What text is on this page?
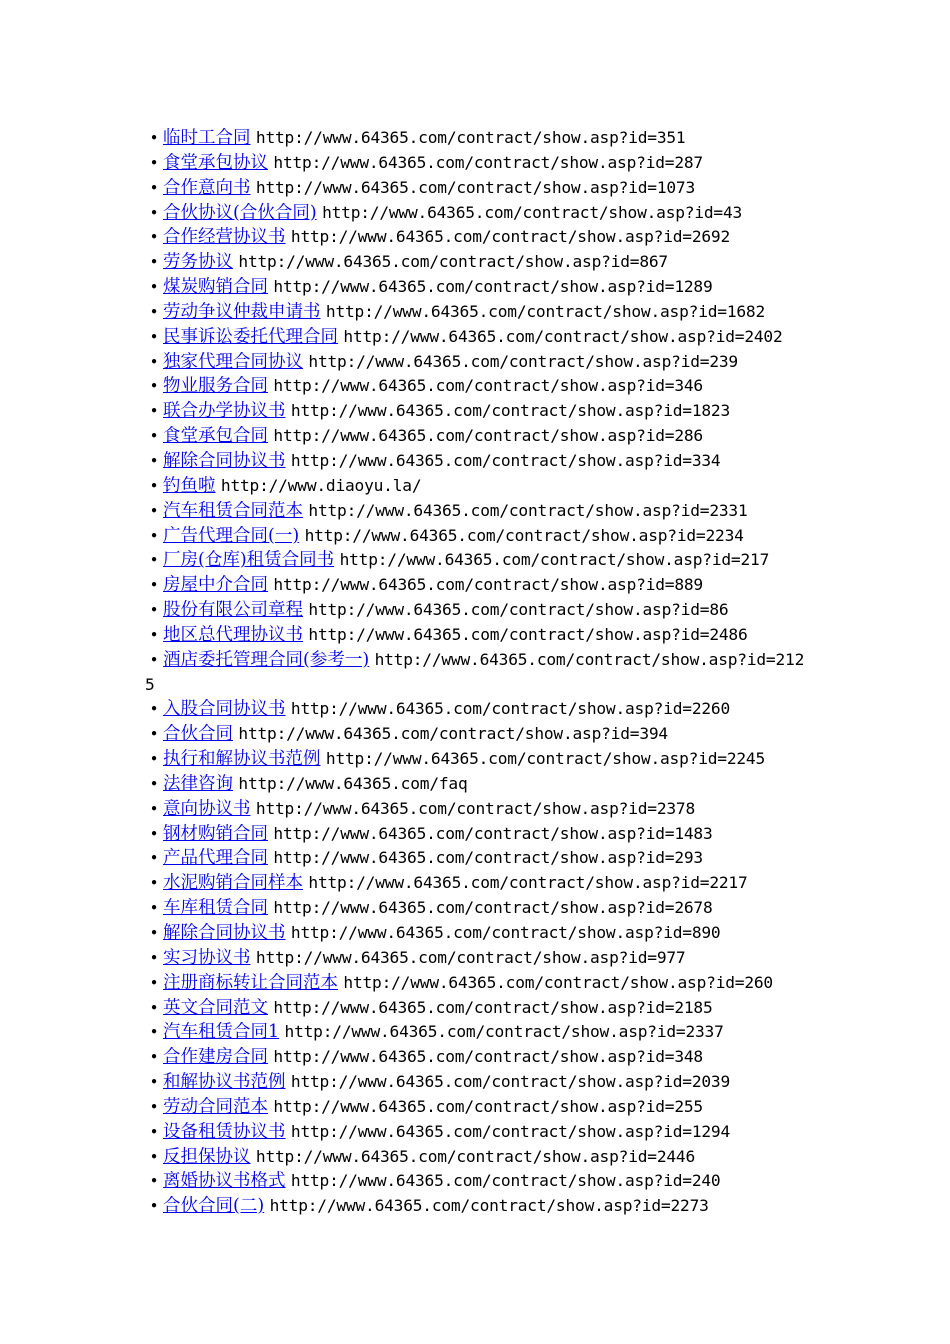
• 临时工合同 http://www.64365.com/contract/show.asp?id=351
• 食堂承包协议 http://www.64365.com/contract/show.asp?id=287
• 合作意向书 http://www.64365.com/contract/show.asp?id=1073
• 合伙协议(合伙合同) http://www.64365.com/contract/show.asp?id=43
• 合作经营协议书 http://www.64365.com/contract/show.asp?id=2692
• 劳务协议 http://www.64365.com/contract/show.asp?id=867
• 煤炭购销合同 http://www.64365.com/contract/show.asp?id=1289
• 劳动争议仲裁申请书 http://www.64365.com/contract/show.asp?id=1682
• 民事诉讼委托代理合同 http://www.64365.com/contract/show.asp?id=2402
• 独家代理合同协议 http://www.64365.com/contract/show.asp?id=239
• 物业服务合同 http://www.64365.com/contract/show.asp?id=346
• 联合办学协议书 http://www.64365.com/contract/show.asp?id=1823
• 食堂承包合同 http://www.64365.com/contract/show.asp?id=286
• 解除合同协议书 http://www.64365.com/contract/show.asp?id=334
• 钓鱼啦 http://www.diaoyu.la/
• 汽车租赁合同范本 http://www.64365.com/contract/show.asp?id=2331
• 广告代理合同(一) http://www.64365.com/contract/show.asp?id=2234
• 厂房(仓库)租赁合同书 http://www.64365.com/contract/show.asp?id=217
• 房屋中介合同 http://www.64365.com/contract/show.asp?id=889
• 股份有限公司章程 http://www.64365.com/contract/show.asp?id=86
• 地区总代理协议书 http://www.64365.com/contract/show.asp?id=2486
• 酒店委托管理合同(参考一) http://www.64365.com/contract/show.asp?id=2125
• 入股合同协议书 http://www.64365.com/contract/show.asp?id=2260
• 合伙合同 http://www.64365.com/contract/show.asp?id=394
• 执行和解协议书范例 http://www.64365.com/contract/show.asp?id=2245
• 法律咨询 http://www.64365.com/faq
• 意向协议书 http://www.64365.com/contract/show.asp?id=2378
• 钢材购销合同 http://www.64365.com/contract/show.asp?id=1483
• 产品代理合同 http://www.64365.com/contract/show.asp?id=293
• 水泥购销合同样本 http://www.64365.com/contract/show.asp?id=2217
• 车库租赁合同 http://www.64365.com/contract/show.asp?id=2678
• 解除合同协议书 http://www.64365.com/contract/show.asp?id=890
• 实习协议书 http://www.64365.com/contract/show.asp?id=977
• 注册商标转让合同范本 http://www.64365.com/contract/show.asp?id=260
• 英文合同范文 http://www.64365.com/contract/show.asp?id=2185
• 汽车租赁合同1 http://www.64365.com/contract/show.asp?id=2337
• 合作建房合同 http://www.64365.com/contract/show.asp?id=348
• 和解协议书范例 http://www.64365.com/contract/show.asp?id=2039
• 劳动合同范本 http://www.64365.com/contract/show.asp?id=255
• 设备租赁协议书 http://www.64365.com/contract/show.asp?id=1294
• 反担保协议 http://www.64365.com/contract/show.asp?id=2446
• 离婚协议书格式 http://www.64365.com/contract/show.asp?id=240
• 合伙合同(二) http://www.64365.com/contract/show.asp?id=2273
